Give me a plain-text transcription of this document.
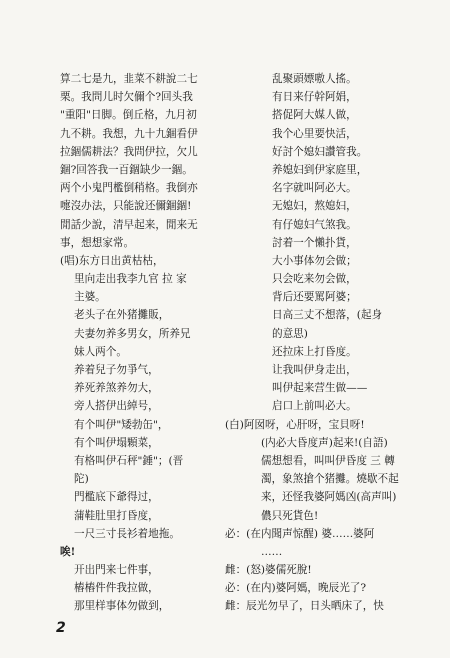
算二七是九，韭菜不耕說二七
栗。我問儿时欠儞个?回头我
"重阳"日脚。倒丘格，九月初
九不耕。我想，九十九錮看伊
拉錮儒耕法？我問伊拉，欠儿
錮?回答我一百錮缺少一錮。
两个小鬼門檻倒稍格。我倒亦
嚏沒办法，只能說还儞錮錮!
閒話少說，清早起来，閒来无
事，想想家常。
(唱)东方日出黄枯枯，
里向走出我李九官 拉 家
主婆。
老头子在外猪攤販，
夫妻勿养多男女，所养兄
妹人两个。
养着兒子勿爭气，
养死养煞养勿大，
旁人搭伊出綽号，
有个叫伊"矮勃缶"，
有个叫伊塌顆菜，
有格叫伊石秤"錘"；(晋
陀)
門檻底下爺得过，
蒲鞋肚里打昏度，
一尺三寸長衫着地拖。
唉!
开出門来七件事，
樁樁件件我拉做，
那里样事体勿做到，
乱聚頭嫖嗷人搖。
有日来仔幹阿娟，
搭促阿大媒人做，
我个心里要快活，
好討个媳妇讚管我。
养媳妇到伊家庭里，
名字就叫阿必大。
无媳妇，熬媳妇，
有仔媳妇气煞我。
討着一个懶扑貨，
大小事体勿会做；
只会吃来勿会做，
背后还要罵阿婆；
日高三丈不想落，(起身
的意思)
还拉床上打昏度。
让我叫伊身走出，
叫伊起来营生做——
启口上前叫必大。
(白)阿囡呀，心肝呀，宝貝呀!
(内必大昏度声)起来!(自語)
儒想想看，叫叫伊昏度 三 轉
濁，象煞搶个猪攤。燒歇不起
来，还怪我婆阿媽凶(高声叫)
儂只死貨色!
必：(在内聞声惊醒) 婆……婆阿
……
雌：(怒)婆儒死脫!
必：(在内)婆阿媽，晚辰光了?
雌：辰光勿早了，日头晒床了，快
2
